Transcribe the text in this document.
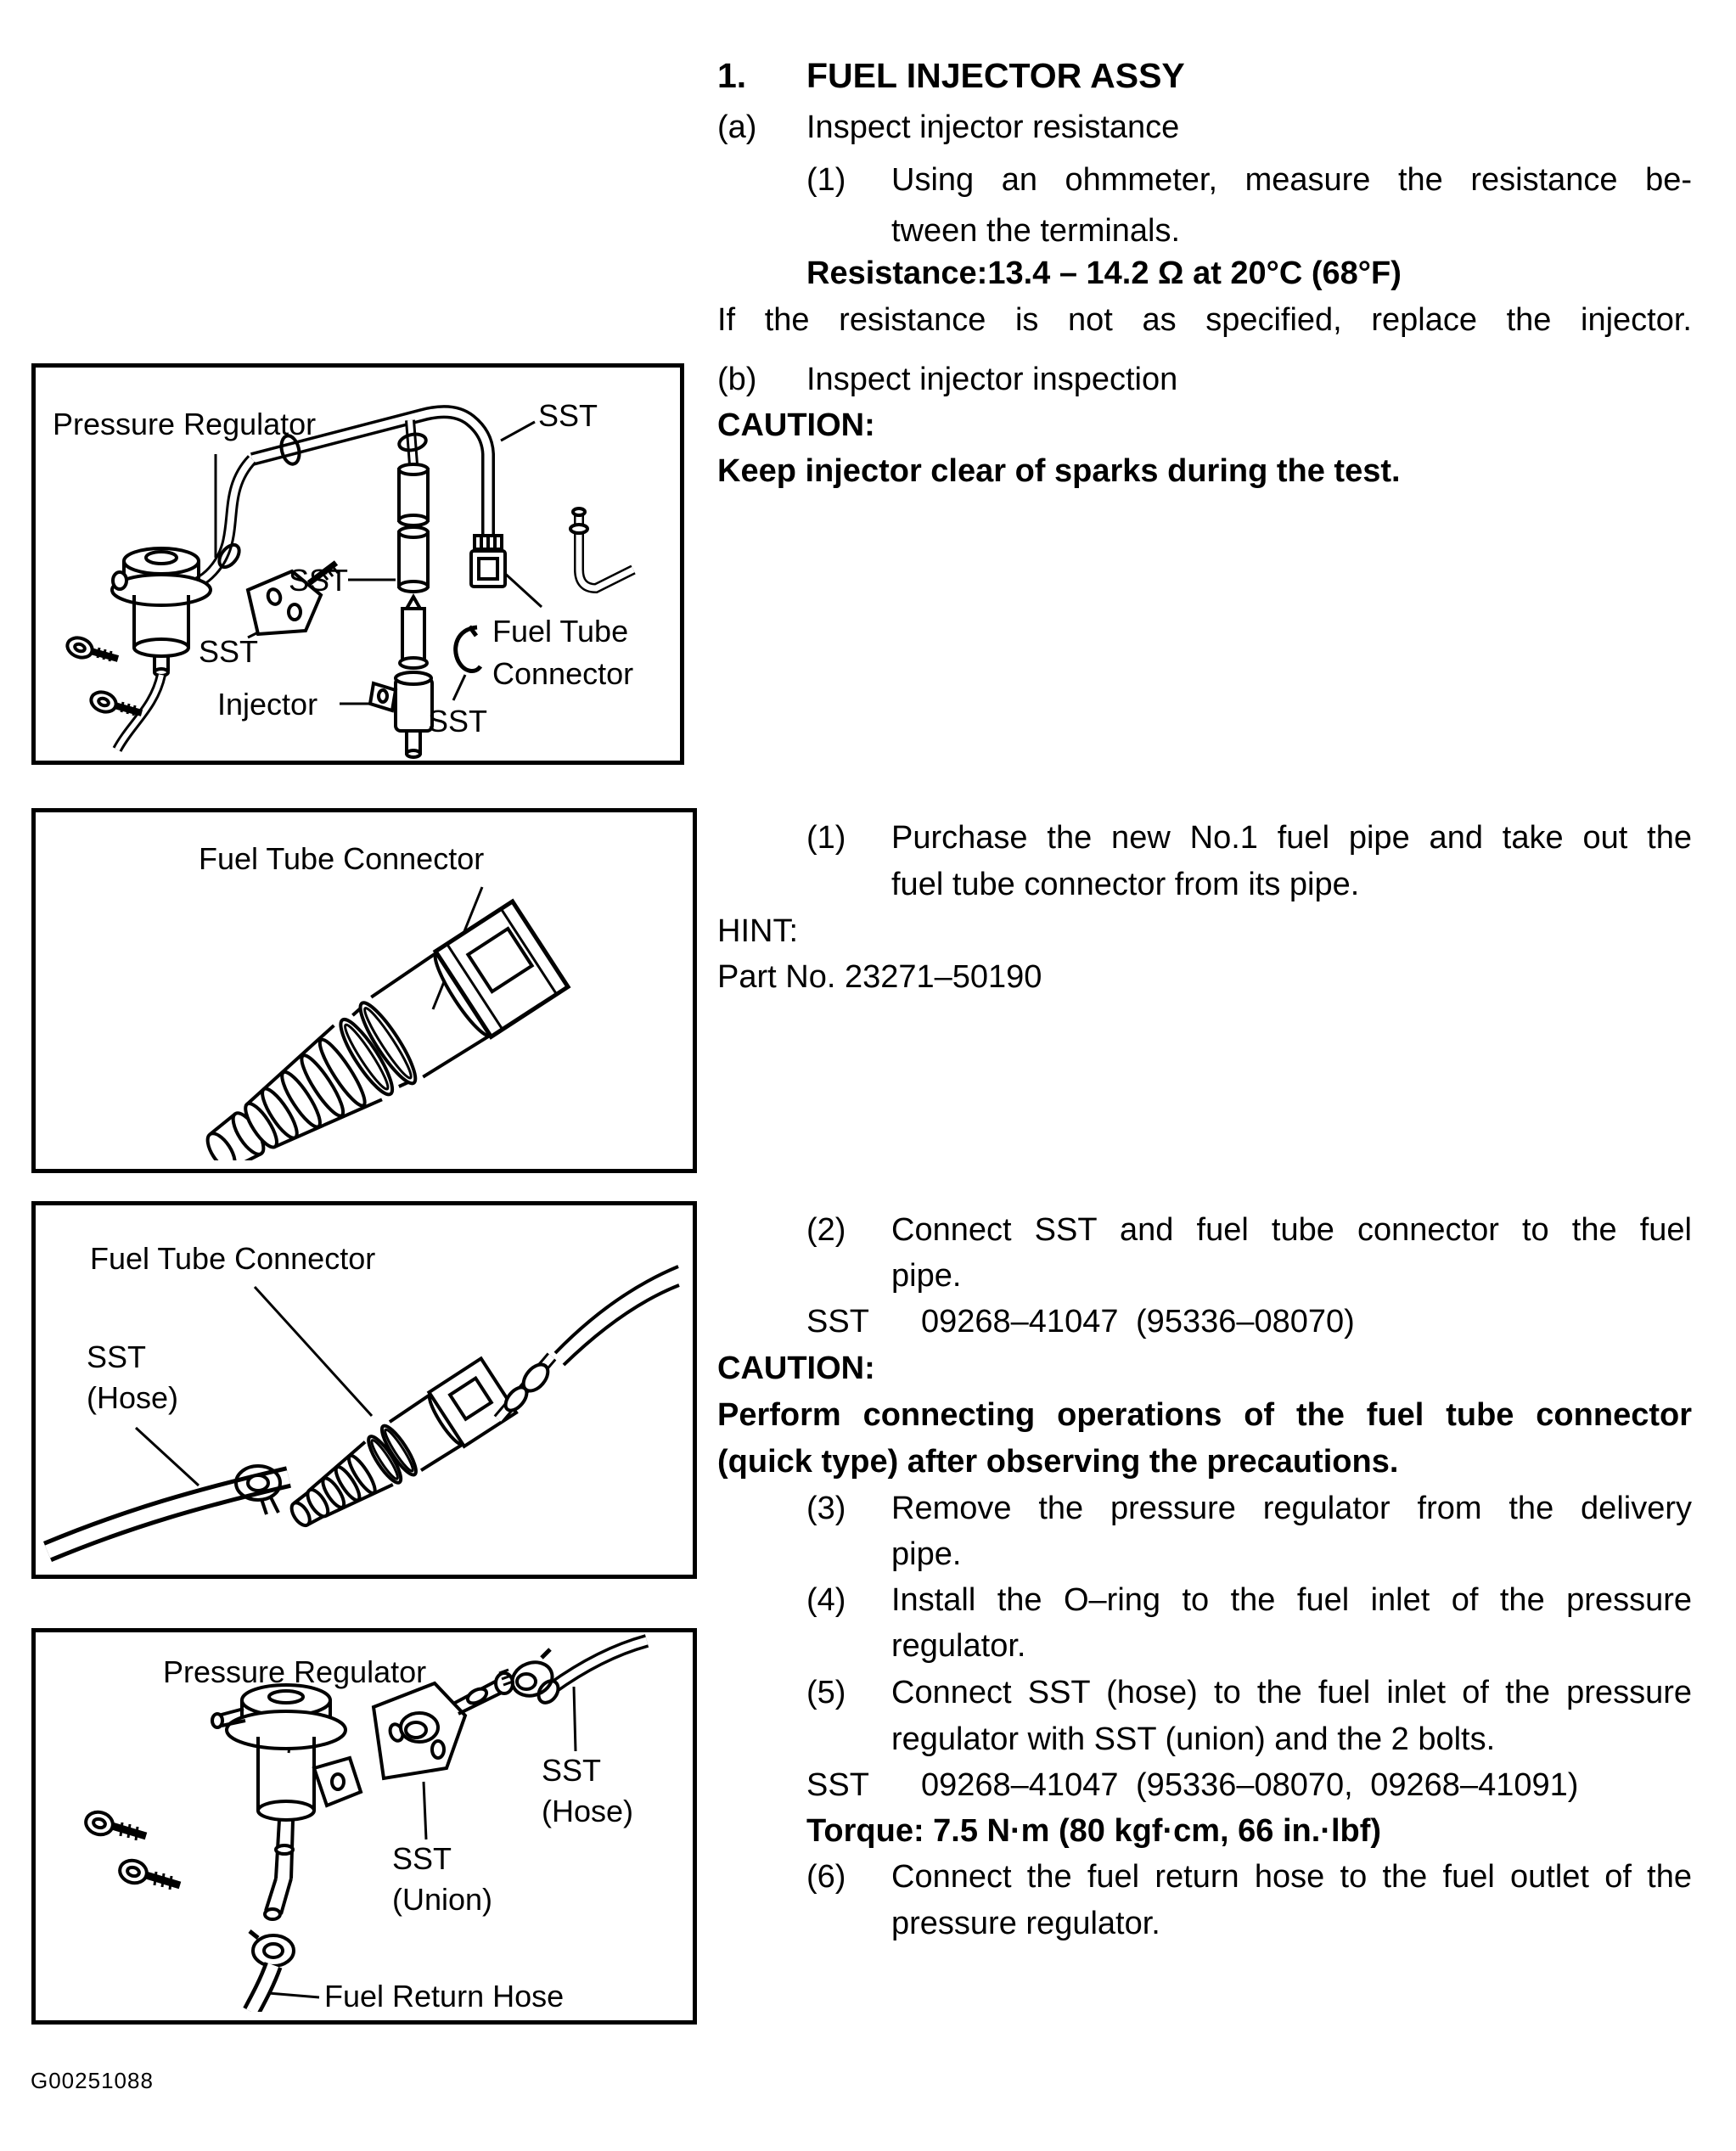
Pressure Regulator	SST
SST
SST
Fuel Tube
Connector
Injector	SST
Fuel Tube Connector
Fuel Tube Connector
SST
(Hose)
Pressure Regulator
SST
(Hose)
SST
(Union)
Fuel Return Hose
1. FUEL INJECTOR ASSY
(a) Inspect injector resistance
(1) Using an ohmmeter, measure the resistance be-
tween the terminals.
Resistance:13.4 – 14.2 Ω at 20°C (68°F)
If the resistance is not as specified, replace the injector.
(b) Inspect injector inspection
CAUTION:
Keep injector clear of sparks during the test.
(1) Purchase the new No.1 fuel pipe and take out the
fuel tube connector from its pipe.
HINT:
Part No. 23271–50190
(2) Connect SST and fuel tube connector to the fuel
pipe.
SST 09268–41047 (95336–08070)
CAUTION:
Perform connecting operations of the fuel tube connector
(quick type) after observing the precautions.
(3) Remove the pressure regulator from the delivery
pipe.
(4) Install the O–ring to the fuel inlet of the pressure
regulator.
(5) Connect SST (hose) to the fuel inlet of the pressure
regulator with SST (union) and the 2 bolts.
SST 09268–41047 (95336–08070, 09268–41091)
Torque: 7.5 N·m (80 kgf·cm, 66 in.·lbf)
(6) Connect the fuel return hose to the fuel outlet of the
pressure regulator.
G00251088
